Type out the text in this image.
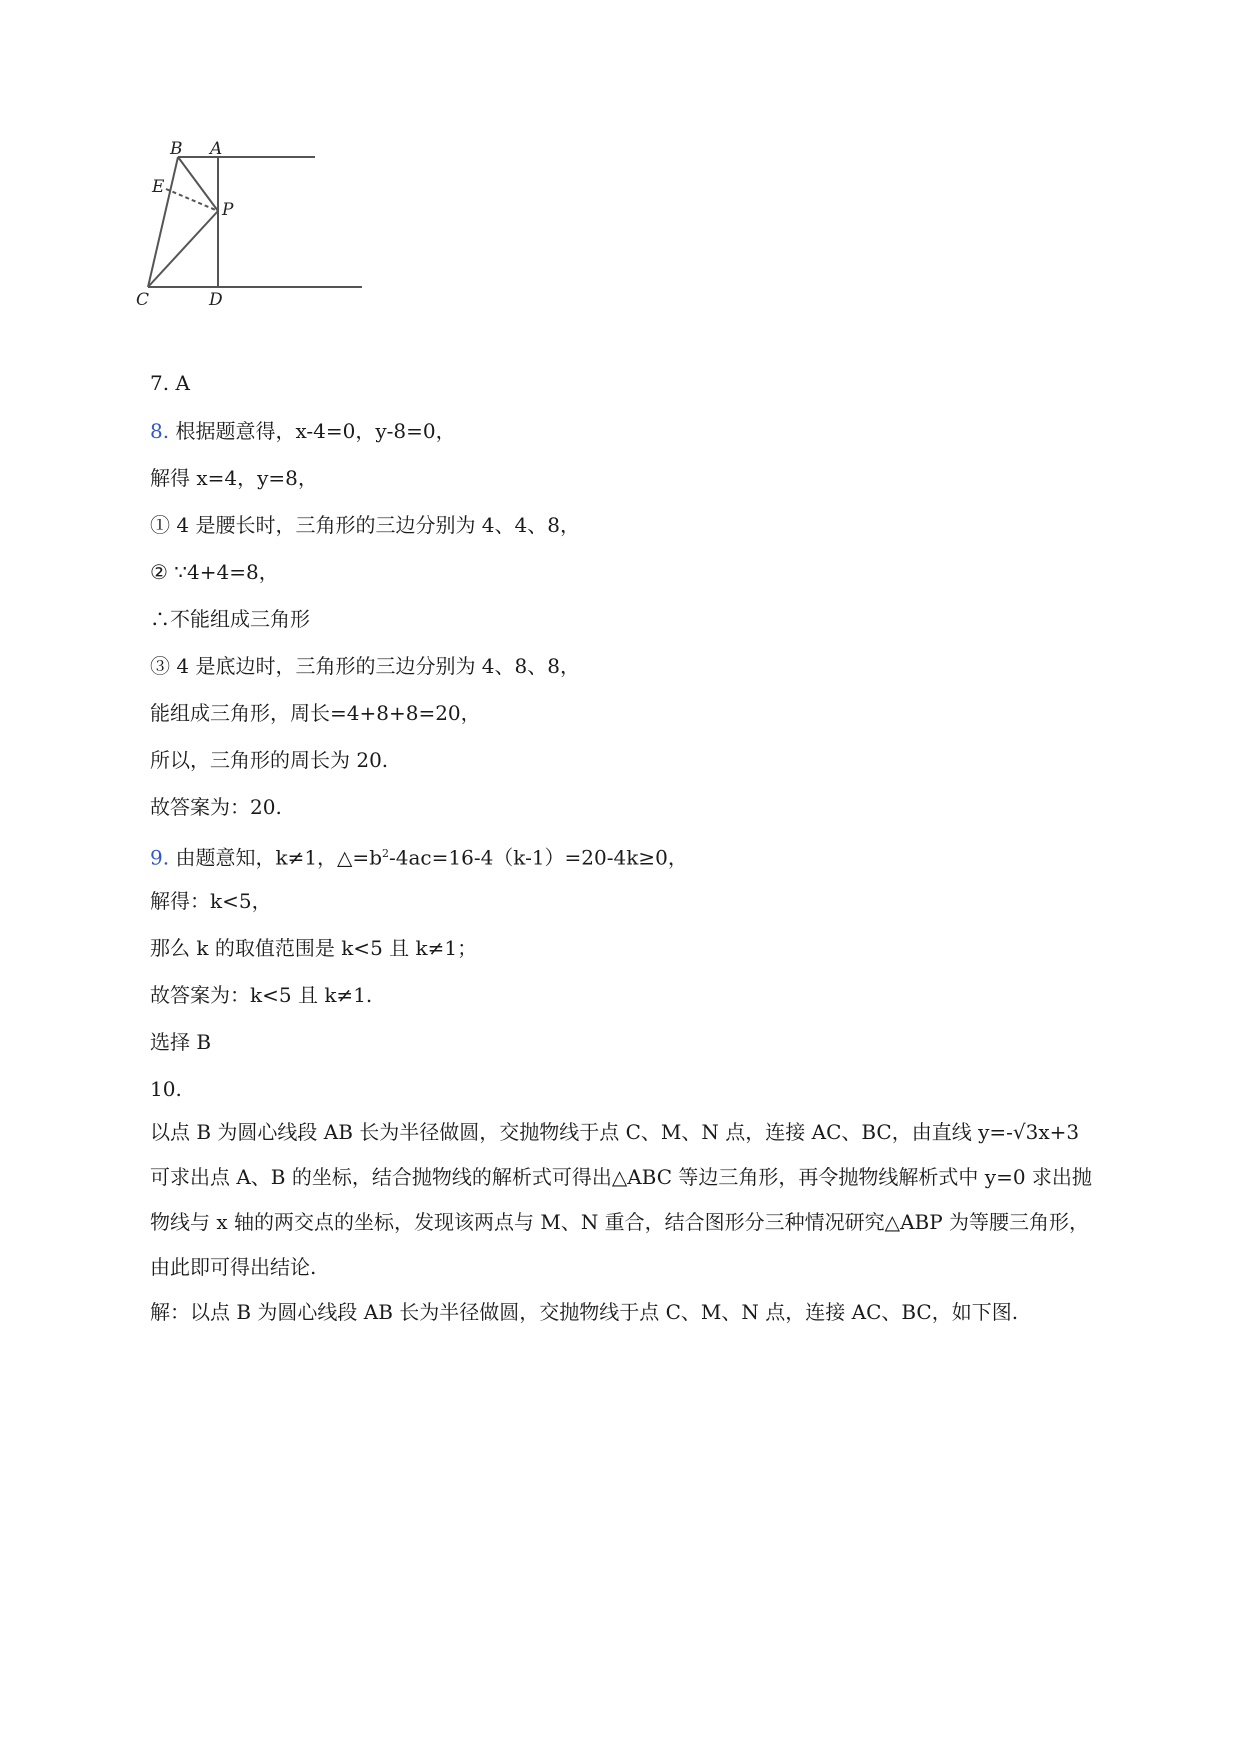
B A
E
P
C	D
7. A
8. 根据题意得，x-4=0，y-8=0，
解得 x=4，y=8，
① 4 是腰长时，三角形的三边分别为 4、4、8，
② ∵4+4=8，
∴不能组成三角形
③ 4 是底边时，三角形的三边分别为 4、8、8，
能组成三角形，周长=4+8+8=20，
所以，三角形的周长为 20.
故答案为：20.
9. 由题意知，k≠1，$\triangle=b^2-4ac=16-4(k-1)=20-4k\ge 0$，
解得：k<5，
那么 k 的取值范围是 k<5 且 k≠1；
故答案为：k<5 且 k≠1.
选择 B
10.
以点 B 为圆心线段 AB 长为半径做圆，交抛物线于点 C、M、N 点，连接 AC、BC，由直线 y=-√3x+3 可求出点 A、B 的坐标，结合抛物线的解析式可得出△ABC 等边三角形，再令抛物线解析式中 y=0 求出抛物线与 x 轴的两交点的坐标，发现该两点与 M、N 重合，结合图形分三种情况研究△ABP 为等腰三角形，由此即可得出结论.
解：以点 B 为圆心线段 AB 长为半径做圆，交抛物线于点 C、M、N 点，连接 AC、BC，如下图.
